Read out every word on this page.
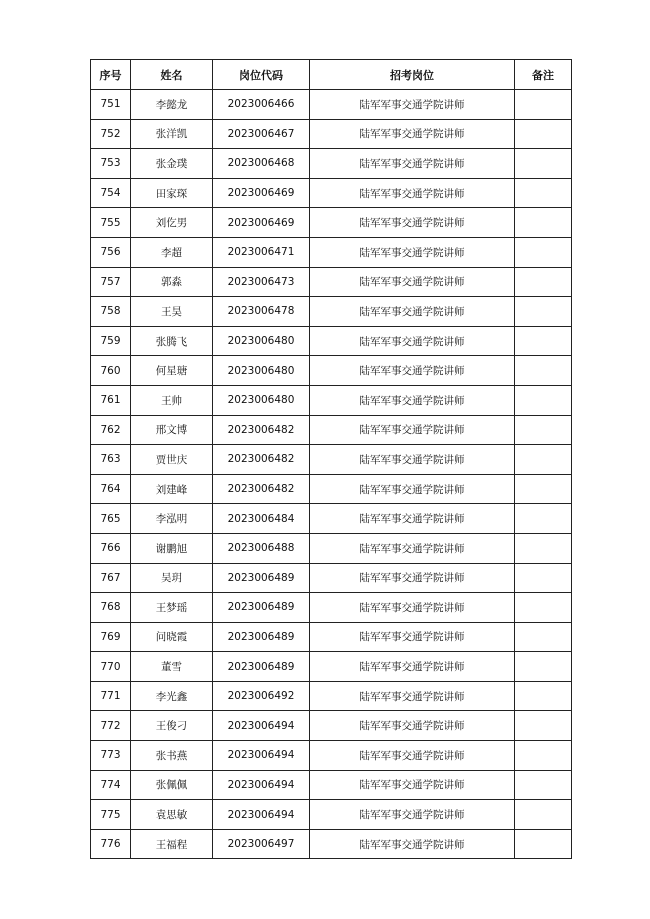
序号	姓名	岗位代码	招考岗位	备注
751	李懿龙	2023006466	陆军军事交通学院讲师	
752	张洋凯	2023006467	陆军军事交通学院讲师	
753	张金璞	2023006468	陆军军事交通学院讲师	
754	田家琛	2023006469	陆军军事交通学院讲师	
755	刘仡男	2023006469	陆军军事交通学院讲师	
756	李超	2023006471	陆军军事交通学院讲师	
757	郭淼	2023006473	陆军军事交通学院讲师	
758	王昊	2023006478	陆军军事交通学院讲师	
759	张腾飞	2023006480	陆军军事交通学院讲师	
760	何星瑭	2023006480	陆军军事交通学院讲师	
761	王帅	2023006480	陆军军事交通学院讲师	
762	邢文博	2023006482	陆军军事交通学院讲师	
763	贾世庆	2023006482	陆军军事交通学院讲师	
764	刘建峰	2023006482	陆军军事交通学院讲师	
765	李泓明	2023006484	陆军军事交通学院讲师	
766	谢鹏旭	2023006488	陆军军事交通学院讲师	
767	吴玥	2023006489	陆军军事交通学院讲师	
768	王梦瑶	2023006489	陆军军事交通学院讲师	
769	问晓霞	2023006489	陆军军事交通学院讲师	
770	董雪	2023006489	陆军军事交通学院讲师	
771	李光鑫	2023006492	陆军军事交通学院讲师	
772	王俊刁	2023006494	陆军军事交通学院讲师	
773	张书燕	2023006494	陆军军事交通学院讲师	
774	张佩佩	2023006494	陆军军事交通学院讲师	
775	袁思敏	2023006494	陆军军事交通学院讲师	
776	王福程	2023006497	陆军军事交通学院讲师	
